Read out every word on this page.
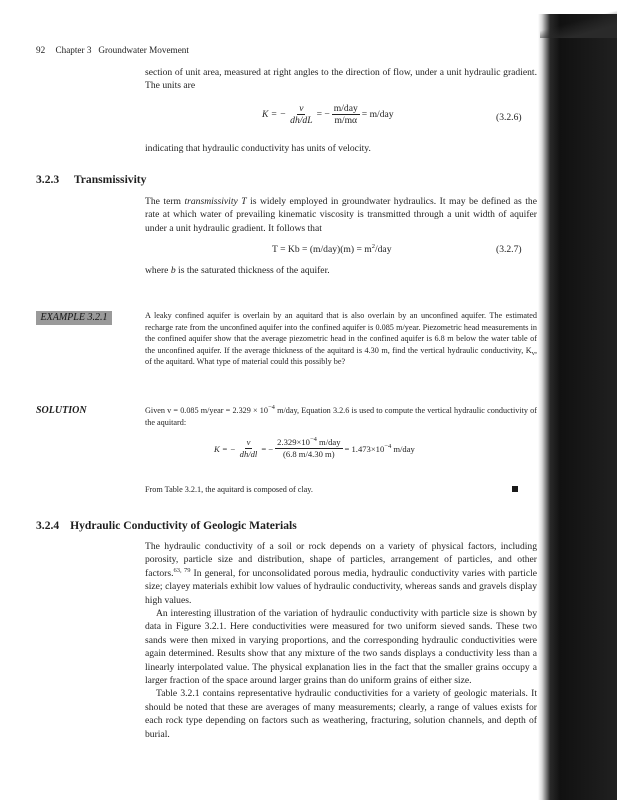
92 Chapter 3   Groundwater Movement

section of unit area, measured at right angles to the direction of flow, under a unit hydraulic gradient. The units are

K = − $\frac{v}{dh/dL}$ = − $\frac{\text{m/day}}{m/m\alpha} = m/day$	(3.2.6)
indicating that hydraulic conductivity has units of velocity.
3.2.3 Transmissivity

The term transmissivity T is widely employed in groundwater hydraulics. It may be defined as the rate at which water of prevailing kinematic viscosity is transmitted through a unit width of aquifer under a unit hydraulic gradient. It follows that

$T = Kb = (m/day)(m) = m^2$/day	(3.2.7)
where b is the saturated thickness of the aquifer.
EXAMPLE 3.2.1	A leaky confined aquifer is overlain by an aquitard that is also overlain by an unconfined aquifer. The estimated recharge rate from the unconfined aquifer into the confined aquifer is 0.085 m/year. Piezometric head measurements in the confined aquifer show that the average piezometric head in the confined aquifer is 6.8 m below the water table of the unconfined aquifer. If the average thickness of the aquitard is 4.30 m, find the vertical hydraulic conductivity, $K_v$, of the aquitard. What type of material could this possibly be?

SOLUTION	Given v = 0.085 m/year = $2.329 \times 10^{-4}$ m/day, Equation 3.2.6 is used to compute the vertical hydraulic conductivity of the aquitard:

K = − $\frac{v}{dh/dl}$ = − $\frac{2.329\times 10^{-4} m/day}{(6.8 m/4.30 m)} = 1.473\times 10^{-4}$ m/day
From Table 3.2.1, the aquitard is composed of clay.
3.2.4 Hydraulic Conductivity of Geologic Materials

The hydraulic conductivity of a soil or rock depends on a variety of physical factors, including porosity, particle size and distribution, shape of particles, arrangement of particles, and other factors.$^{63, 79}$ In general, for unconsolidated porous media, hydraulic conductivity varies with particle size; clayey materials exhibit low values of hydraulic conductivity, whereas sands and gravels display high values.

An interesting illustration of the variation of hydraulic conductivity with particle size is shown by data in Figure 3.2.1. Here conductivities were measured for two uniform sieved sands. These two sands were then mixed in varying proportions, and the corresponding hydraulic conductivities were again determined. Results show that any mixture of the two sands displays a conductivity less than a linearly interpolated value. The physical explanation lies in the fact that the smaller grains occupy a larger fraction of the space around larger grains than do uniform grains of either size.

Table 3.2.1 contains representative hydraulic conductivities for a variety of geologic materials. It should be noted that these are averages of many measurements; clearly, a range of values exists for each rock type depending on factors such as weathering, fracturing, solution channels, and depth of burial.
